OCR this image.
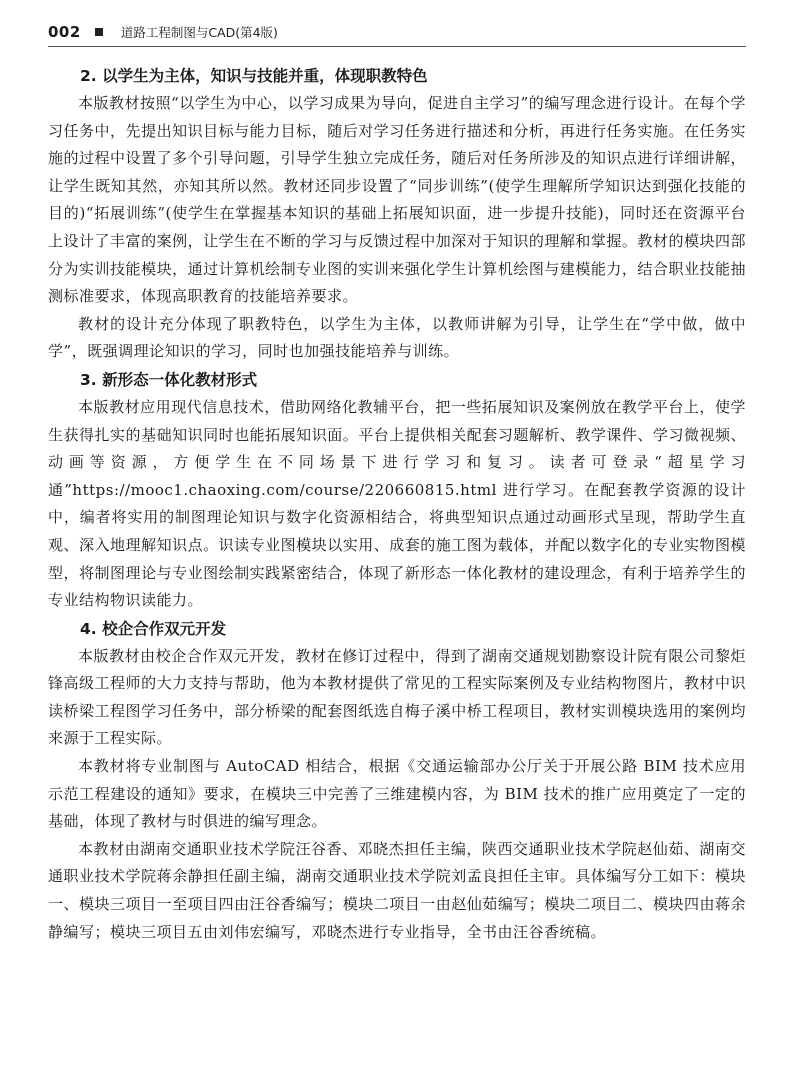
002	道路工程制图与CAD(第4版)
2. 以学生为主体，知识与技能并重，体现职教特色

本版教材按照“以学生为中心，以学习成果为导向，促进自主学习”的编写理念进行设计。在每个学习任务中，先提出知识目标与能力目标，随后对学习任务进行描述和分析，再进行任务实施。在任务实施的过程中设置了多个引导问题，引导学生独立完成任务，随后对任务所涉及的知识点进行详细讲解，让学生既知其然，亦知其所以然。教材还同步设置了“同步训练”(使学生理解所学知识达到强化技能的目的)“拓展训练”(使学生在掌握基本知识的基础上拓展知识面，进一步提升技能)，同时还在资源平台上设计了丰富的案例，让学生在不断的学习与反馈过程中加深对于知识的理解和掌握。教材的模块四部分为实训技能模块，通过计算机绘制专业图的实训来强化学生计算机绘图与建模能力，结合职业技能抽测标准要求，体现高职教育的技能培养要求。

教材的设计充分体现了职教特色，以学生为主体，以教师讲解为引导，让学生在“学中做，做中学”，既强调理论知识的学习，同时也加强技能培养与训练。

3. 新形态一体化教材形式

本版教材应用现代信息技术，借助网络化教辅平台，把一些拓展知识及案例放在教学平台上，使学生获得扎实的基础知识同时也能拓展知识面。平台上提供相关配套习题解析、教学课件、学习微视频、动画等资源，方便学生在不同场景下进行学习和复习。读者可登录“超星学习通”https://mooc1.chaoxing.com/course/220660815.html 进行学习。在配套教学资源的设计中，编者将实用的制图理论知识与数字化资源相结合，将典型知识点通过动画形式呈现，帮助学生直观、深入地理解知识点。识读专业图模块以实用、成套的施工图为载体，并配以数字化的专业实物图模型，将制图理论与专业图绘制实践紧密结合，体现了新形态一体化教材的建设理念，有利于培养学生的专业结构物识读能力。

4. 校企合作双元开发

本版教材由校企合作双元开发，教材在修订过程中，得到了湖南交通规划勘察设计院有限公司黎炬锋高级工程师的大力支持与帮助，他为本教材提供了常见的工程实际案例及专业结构物图片，教材中识读桥梁工程图学习任务中，部分桥梁的配套图纸选自梅子溪中桥工程项目，教材实训模块选用的案例均来源于工程实际。

本教材将专业制图与 AutoCAD 相结合，根据《交通运输部办公厅关于开展公路 BIM 技术应用示范工程建设的通知》要求，在模块三中完善了三维建模内容，为 BIM 技术的推广应用奠定了一定的基础，体现了教材与时俱进的编写理念。

本教材由湖南交通职业技术学院汪谷香、邓晓杰担任主编，陕西交通职业技术学院赵仙茹、湖南交通职业技术学院蒋余静担任副主编，湖南交通职业技术学院刘孟良担任主审。具体编写分工如下：模块一、模块三项目一至项目四由汪谷香编写；模块二项目一由赵仙茹编写；模块二项目二、模块四由蒋余静编写；模块三项目五由刘伟宏编写，邓晓杰进行专业指导，全书由汪谷香统稿。
